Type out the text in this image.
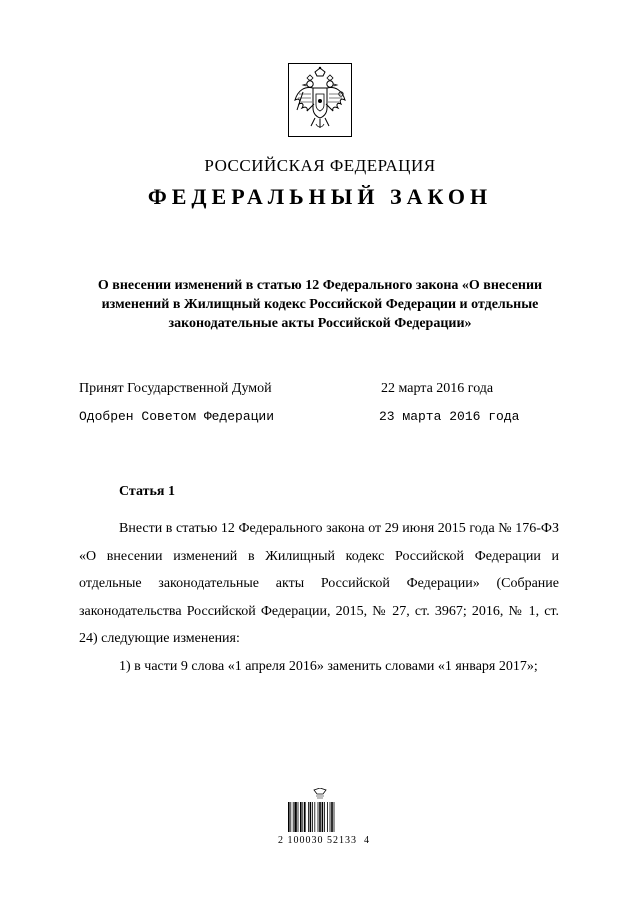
РОССИЙСКАЯ ФЕДЕРАЦИЯ
ФЕДЕРАЛЬНЫЙ ЗАКОН
О внесении изменений в статью 12 Федерального закона «О внесении изменений в Жилищный кодекс Российской Федерации и отдельные законодательные акты Российской Федерации»
Принят Государственной Думой	22 марта 2016 года
Одобрен Советом Федерации	23 марта 2016 года
Статья 1

Внести в статью 12 Федерального закона от 29 июня 2015 года № 176-ФЗ «О внесении изменений в Жилищный кодекс Российской Федерации и отдельные законодательные акты Российской Федерации» (Собрание законодательства Российской Федерации, 2015, № 27, ст. 3967; 2016, № 1, ст. 24) следующие изменения:

1) в части 9 слова «1 апреля 2016» заменить словами «1 января 2017»;

2 100030 52133  4
